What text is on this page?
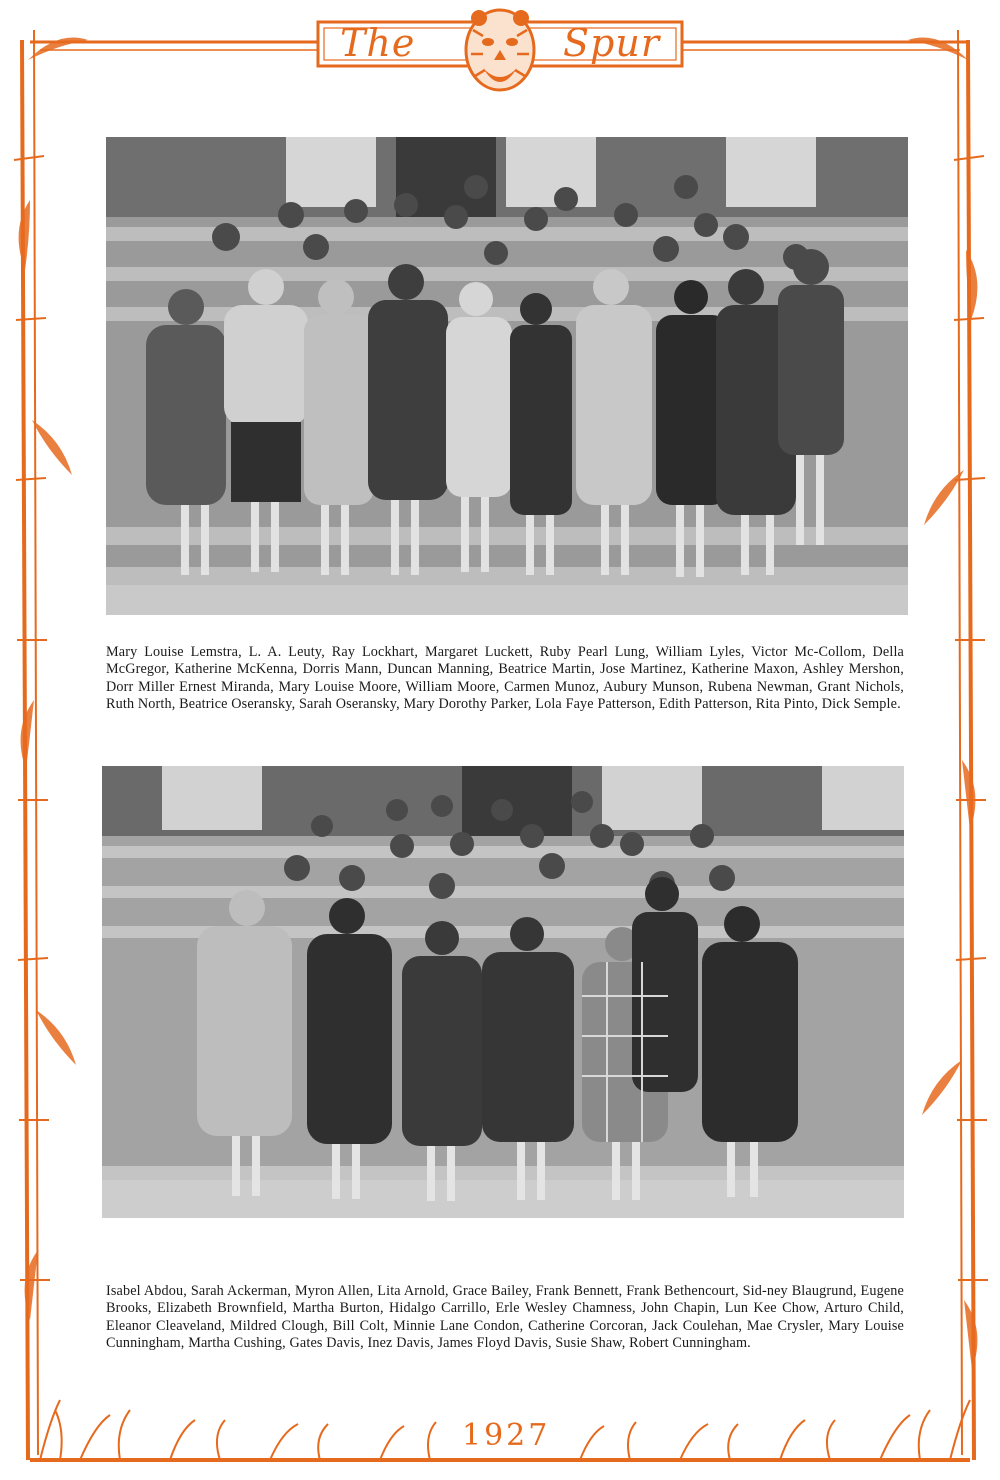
The	Spur

Mary Louise Lemstra, L. A. Leuty, Ray Lockhart, Margaret Luckett, Ruby Pearl Lung, William Lyles, Victor Mc-Collom, Della McGregor, Katherine McKenna, Dorris Mann, Duncan Manning, Beatrice Martin, Jose Martinez, Katherine Maxon, Ashley Mershon, Dorr Miller Ernest Miranda, Mary Louise Moore, William Moore, Carmen Munoz, Aubury Munson, Rubena Newman, Grant Nichols, Ruth North, Beatrice Oseransky, Sarah Oseransky, Mary Dorothy Parker, Lola Faye Patterson, Edith Patterson, Rita Pinto, Dick Semple.

Isabel Abdou, Sarah Ackerman, Myron Allen, Lita Arnold, Grace Bailey, Frank Bennett, Frank Bethencourt, Sid-ney Blaugrund, Eugene Brooks, Elizabeth Brownfield, Martha Burton, Hidalgo Carrillo, Erle Wesley Chamness, John Chapin, Lun Kee Chow, Arturo Child, Eleanor Cleaveland, Mildred Clough, Bill Colt, Minnie Lane Condon, Catherine Corcoran, Jack Coulehan, Mae Crysler, Mary Louise Cunningham, Martha Cushing, Gates Davis, Inez Davis, James Floyd Davis, Susie Shaw, Robert Cunningham.

1927
